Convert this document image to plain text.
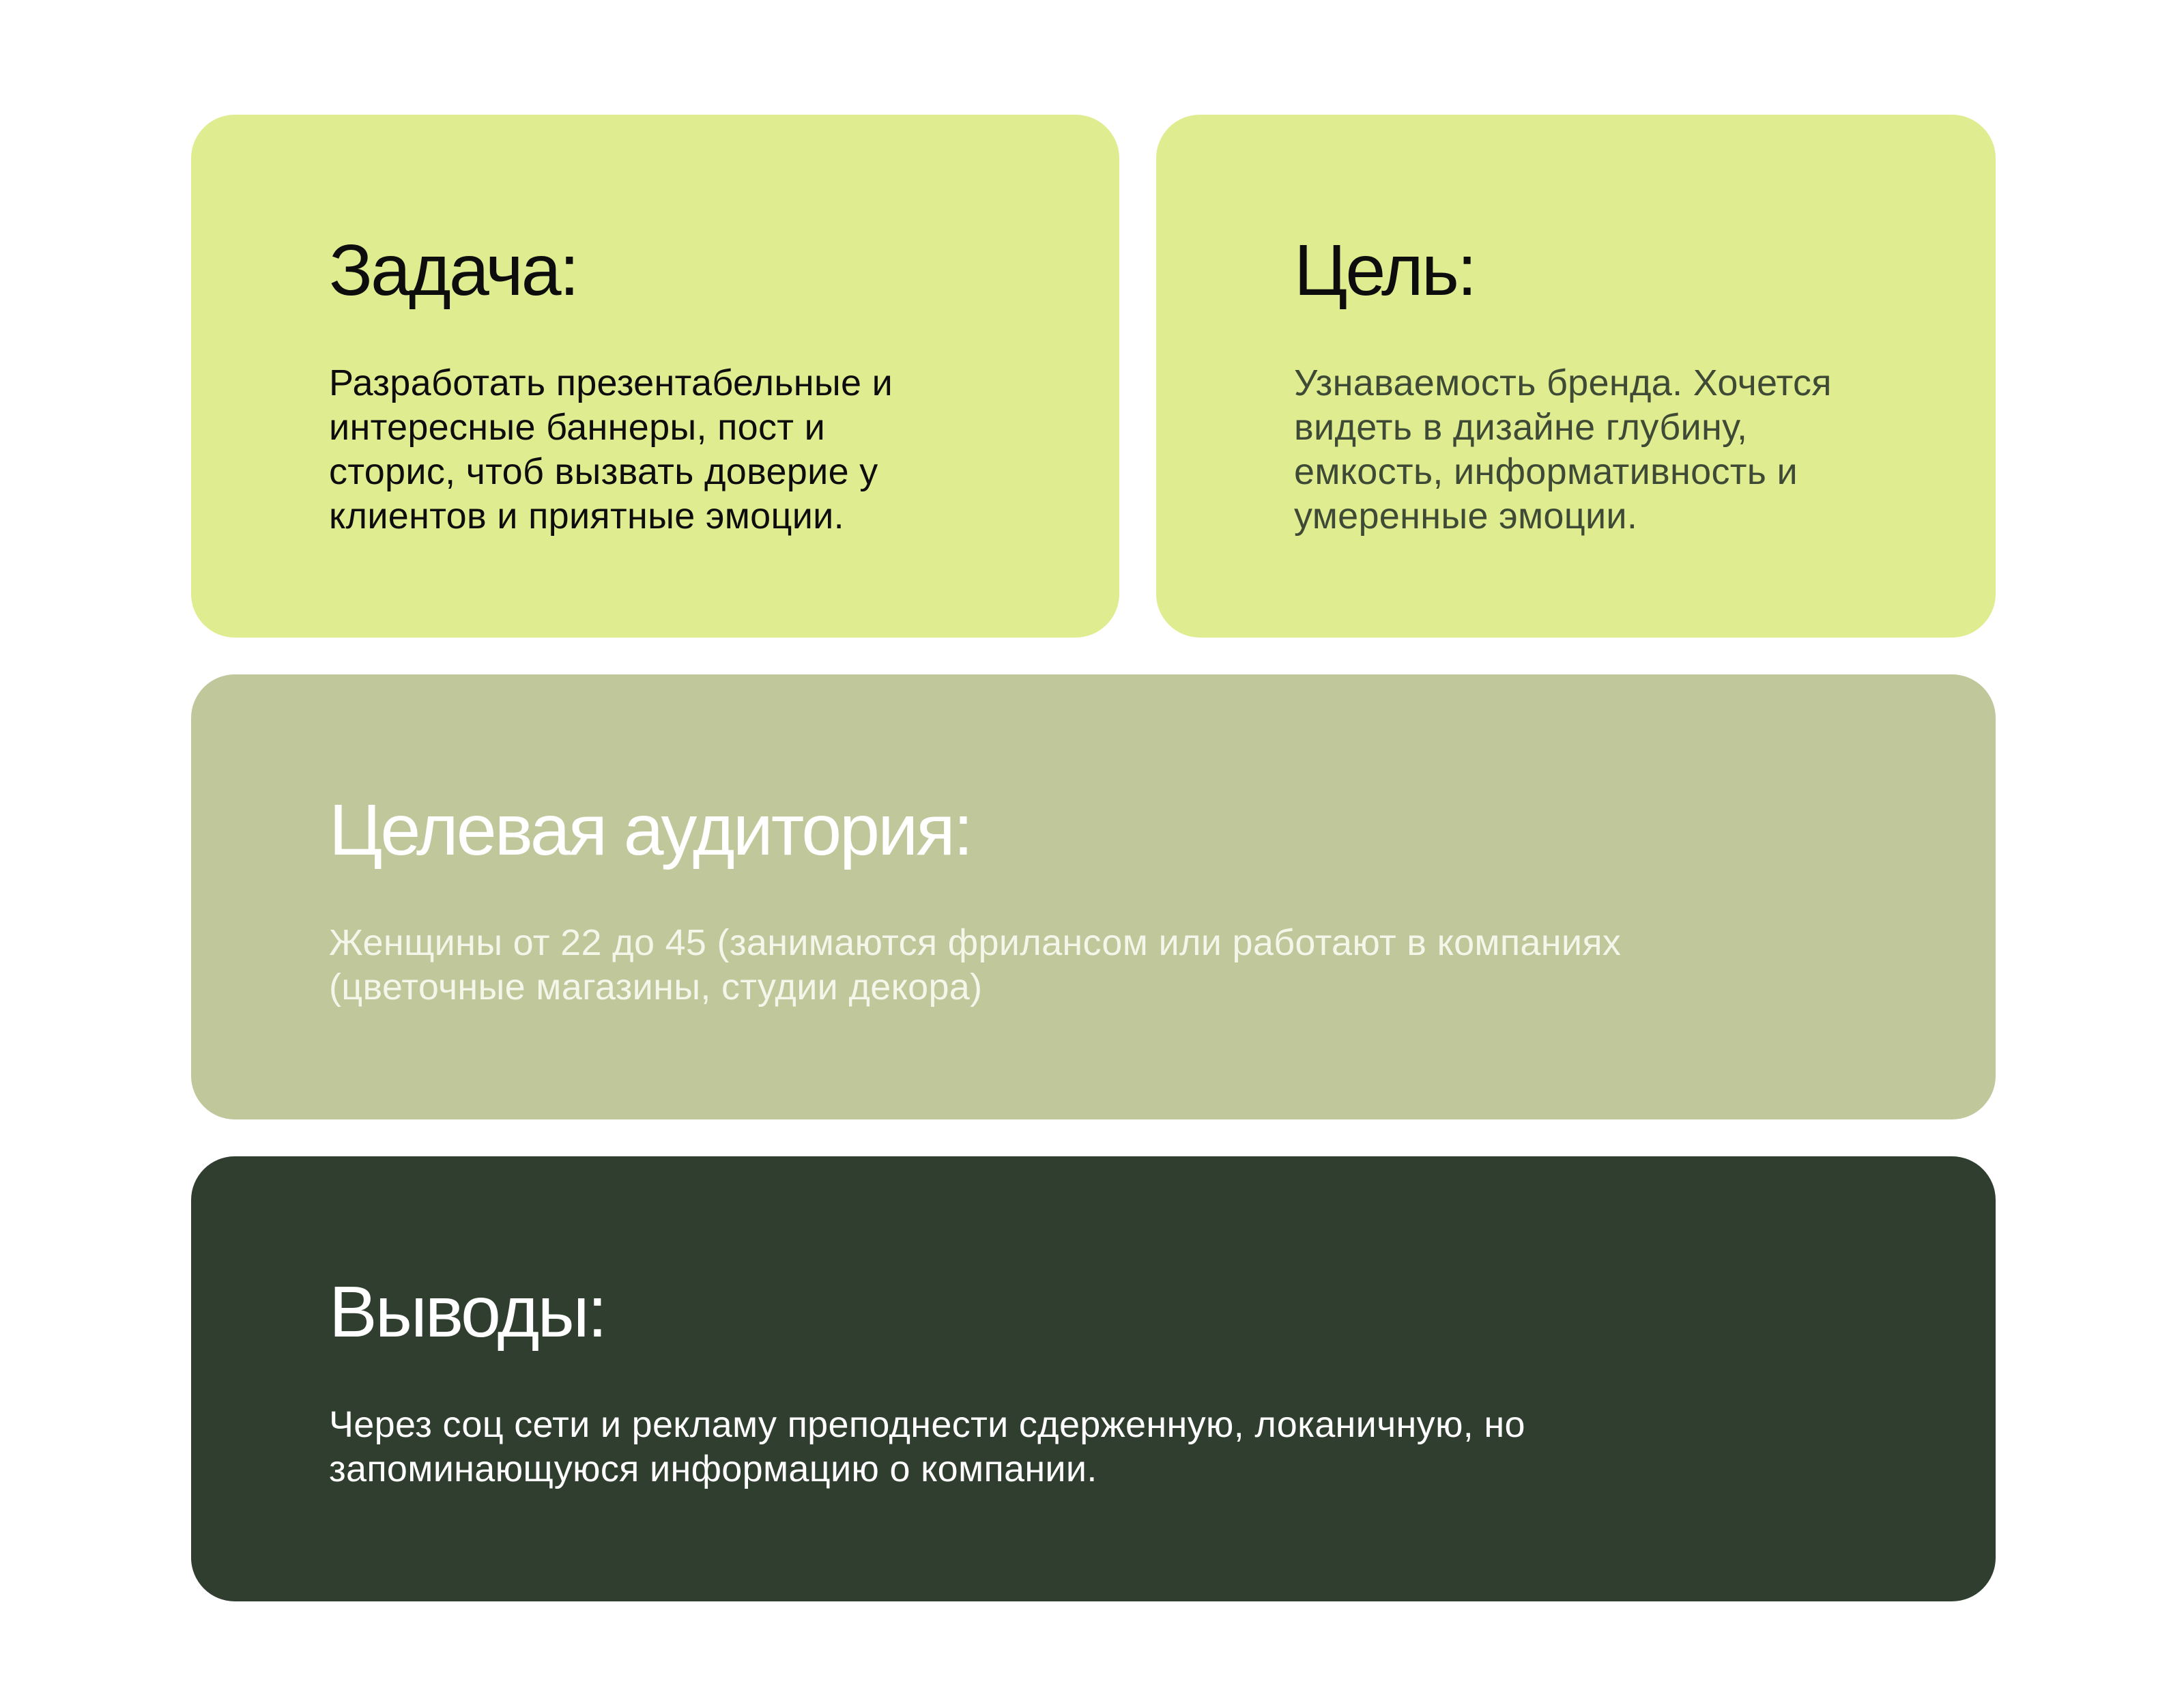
Задача:

Разработать презентабельные и интересные баннеры, пост и сторис, чтоб вызвать доверие у клиентов и приятные эмоции.

Цель:

Узнаваемость бренда. Хочется видеть в дизайне глубину, емкость, информативность и умеренные эмоции.

Целевая аудитория:

Женщины от 22 до 45 (занимаются фрилансом или работают в компаниях (цветочные магазины, студии декора)

Выводы:

Через соц сети и рекламу преподнести сдерженную, локаничную, но запоминающуюся информацию о компании.
